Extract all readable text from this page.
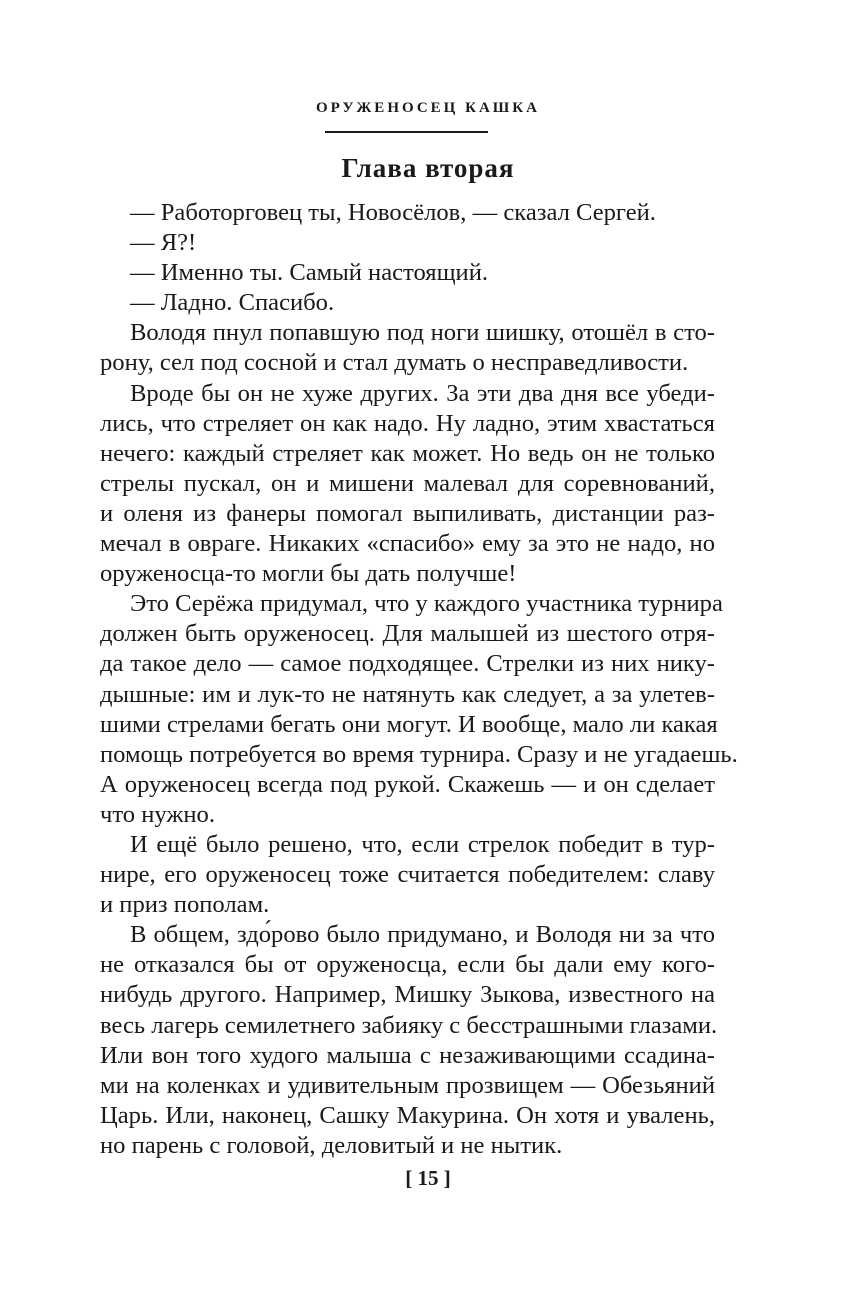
ОРУЖЕНОСЕЦ КАШКА
Глава вторая
— Работорговец ты, Новосёлов, — сказал Сергей.
— Я?!
— Именно ты. Самый настоящий.
— Ладно. Спасибо.
Володя пнул попавшую под ноги шишку, отошёл в сто-
рону, сел под сосной и стал думать о несправедливости.
Вроде бы он не хуже других. За эти два дня все убеди-
лись, что стреляет он как надо. Ну ладно, этим хвастаться
нечего: каждый стреляет как может. Но ведь он не только
стрелы пускал, он и мишени малевал для соревнований,
и оленя из фанеры помогал выпиливать, дистанции раз-
мечал в овраге. Никаких «спасибо» ему за это не надо, но
оруженосца-то могли бы дать получше!
Это Серёжа придумал, что у каждого участника турнира
должен быть оруженосец. Для малышей из шестого отря-
да такое дело — самое подходящее. Стрелки из них нику-
дышные: им и лук-то не натянуть как следует, а за улетев-
шими стрелами бегать они могут. И вообще, мало ли какая
помощь потребуется во время турнира. Сразу и не угадаешь.
А оруженосец всегда под рукой. Скажешь — и он сделает
что нужно.
И ещё было решено, что, если стрелок победит в тур-
нире, его оруженосец тоже считается победителем: славу
и приз пополам.
В общем, здо́рово было придумано, и Володя ни за что
не отказался бы от оруженосца, если бы дали ему кого-
нибудь другого. Например, Мишку Зыкова, известного на
весь лагерь семилетнего забияку с бесстрашными глазами.
Или вон того худого малыша с незаживающими ссадина-
ми на коленках и удивительным прозвищем — Обезьяний
Царь. Или, наконец, Сашку Макурина. Он хотя и увалень,
но парень с головой, деловитый и не нытик.
[ 15 ]
